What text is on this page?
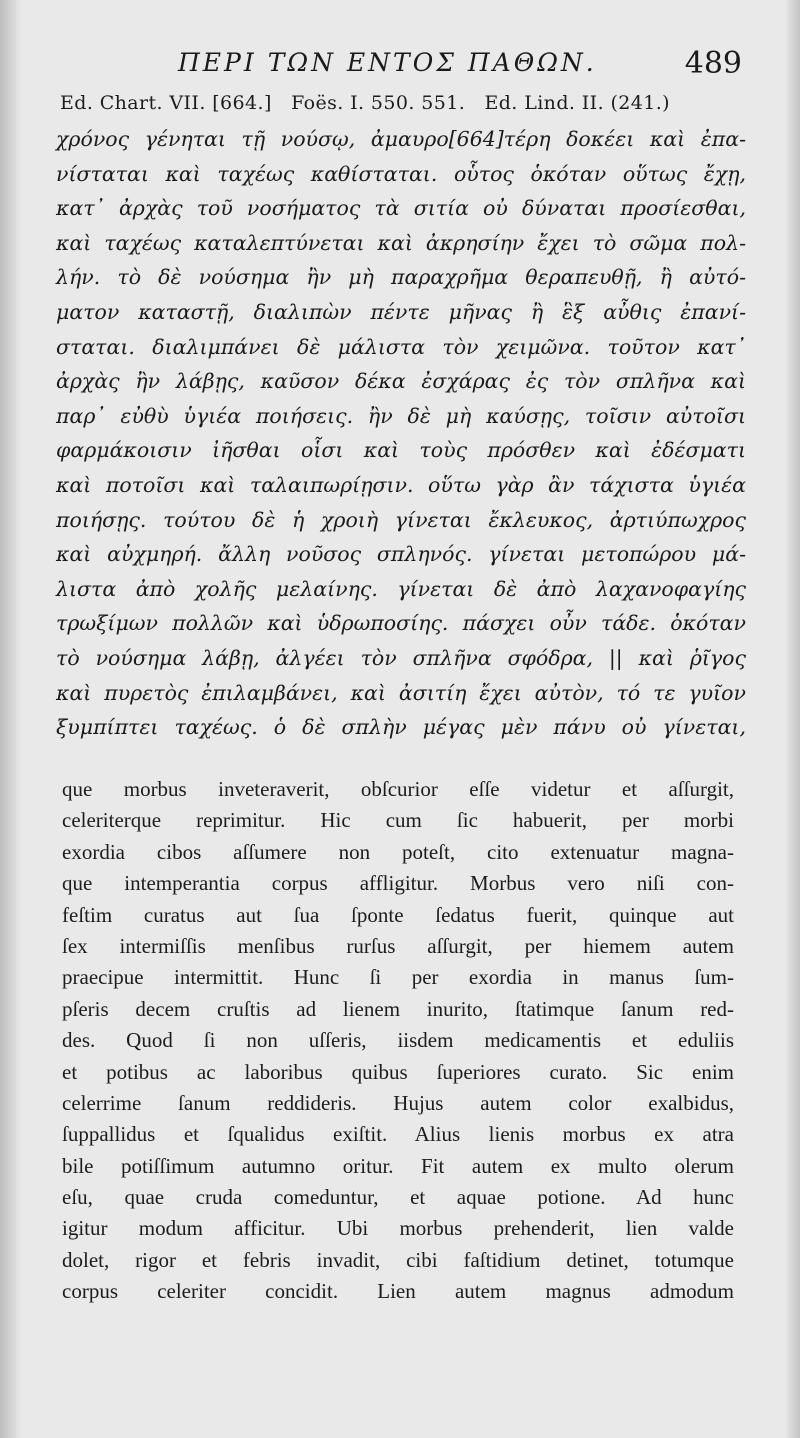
ΠΕΡΙ ΤΩΝ ΕΝΤΟΣ ΠΑΘΩΝ.	489
Ed. Chart. VII. [664.]   Foës. I. 550. 551.   Ed. Lind. II. (241.)
χρόνος γένηται τῇ νούσῳ, ἀμαυρο[664]τέρη δοκέει καὶ ἐπα-
νίσταται καὶ ταχέως καθίσταται. οὗτος ὁκόταν οὕτως ἔχῃ,
κατ᾽ ἀρχὰς τοῦ νοσήματος τὰ σιτία οὐ δύναται προσίεσθαι,
καὶ ταχέως καταλεπτύνεται καὶ ἀκρησίην ἔχει τὸ σῶμα πολ-
λήν. τὸ δὲ νούσημα ἢν μὴ παραχρῆμα θεραπευθῇ, ἢ αὐτό-
ματον καταστῇ, διαλιπὼν πέντε μῆνας ἢ ἓξ αὖθις ἐπανί-
σταται. διαλιμπάνει δὲ μάλιστα τὸν χειμῶνα. τοῦτον κατ᾽
ἀρχὰς ἢν λάβῃς, καῦσον δέκα ἐσχάρας ἐς τὸν σπλῆνα καὶ
παρ᾽ εὐθὺ ὑγιέα ποιήσεις. ἢν δὲ μὴ καύσῃς, τοῖσιν αὐτοῖσι
φαρμάκοισιν ἰῆσθαι οἷσι καὶ τοὺς πρόσθεν καὶ ἐδέσματι
καὶ ποτοῖσι καὶ ταλαιπωρίῃσιν. οὕτω γὰρ ἂν τάχιστα ὑγιέα
ποιήσῃς. τούτου δὲ ἡ χροιὴ γίνεται ἔκλευκος, ἀρτιύπωχρος
καὶ αὐχμηρή. ἄλλη νοῦσος σπληνός. γίνεται μετοπώρου μά-
λιστα ἀπὸ χολῆς μελαίνης. γίνεται δὲ ἀπὸ λαχανοφαγίης
τρωξίμων πολλῶν καὶ ὑδρωποσίης. πάσχει οὖν τάδε. ὁκόταν
τὸ νούσημα λάβῃ, ἀλγέει τὸν σπλῆνα σφόδρα, || καὶ ῥῖγος
καὶ πυρετὸς ἐπιλαμβάνει, καὶ ἀσιτίη ἔχει αὐτὸν, τό τε γυῖον
ξυμπίπτει ταχέως. ὁ δὲ σπλὴν μέγας μὲν πάνυ οὐ γίνεται,
que morbus inveteraverit, obſcurior eſſe videtur et aſſurgit,
celeriterque reprimitur. Hic cum ſic habuerit, per morbi
exordia cibos aſſumere non poteſt, cito extenuatur magna-
que intemperantia corpus affligitur. Morbus vero niſi con-
feſtim curatus aut ſua ſponte ſedatus fuerit, quinque aut
ſex intermiſſis menſibus rurſus aſſurgit, per hiemem autem
praecipue intermittit. Hunc ſi per exordia in manus ſum-
pſeris decem cruſtis ad lienem inurito, ſtatimque ſanum red-
des. Quod ſi non uſſeris, iisdem medicamentis et eduliis
et potibus ac laboribus quibus ſuperiores curato. Sic enim
celerrime ſanum reddideris. Hujus autem color exalbidus,
ſuppallidus et ſqualidus exiſtit. Alius lienis morbus ex atra
bile potiſſimum autumno oritur. Fit autem ex multo olerum
eſu, quae cruda comeduntur, et aquae potione. Ad hunc
igitur modum afficitur. Ubi morbus prehenderit, lien valde
dolet, rigor et febris invadit, cibi faſtidium detinet, totumque
corpus celeriter concidit. Lien autem magnus admodum
